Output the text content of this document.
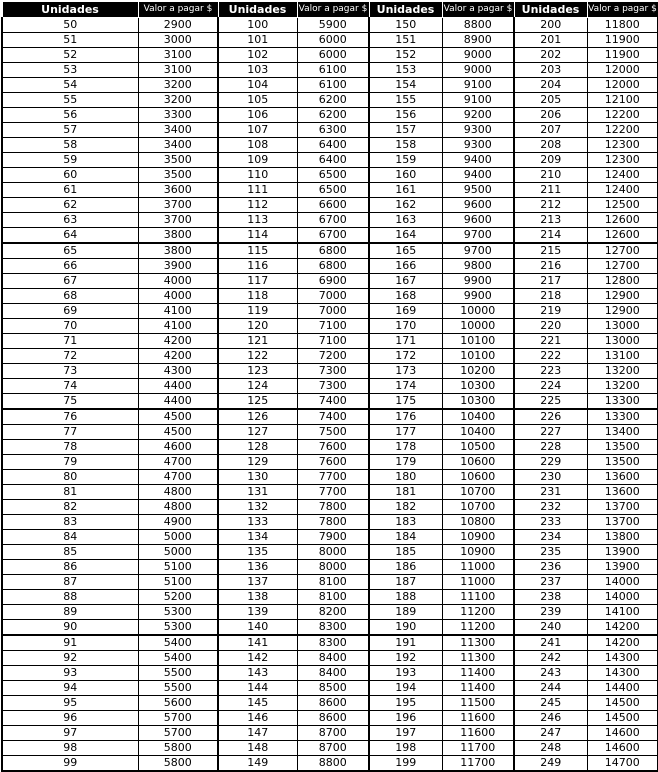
Unidades	Valor a pagar $	Unidades	Valor a pagar $	Unidades	Valor a pagar $	Unidades	Valor a pagar $
50	2900	100	5900	150	8800	200	11800
51	3000	101	6000	151	8900	201	11900
52	3100	102	6000	152	9000	202	11900
53	3100	103	6100	153	9000	203	12000
54	3200	104	6100	154	9100	204	12000
55	3200	105	6200	155	9100	205	12100
56	3300	106	6200	156	9200	206	12200
57	3400	107	6300	157	9300	207	12200
58	3400	108	6400	158	9300	208	12300
59	3500	109	6400	159	9400	209	12300
60	3500	110	6500	160	9400	210	12400
61	3600	111	6500	161	9500	211	12400
62	3700	112	6600	162	9600	212	12500
63	3700	113	6700	163	9600	213	12600
64	3800	114	6700	164	9700	214	12600
65	3800	115	6800	165	9700	215	12700
66	3900	116	6800	166	9800	216	12700
67	4000	117	6900	167	9900	217	12800
68	4000	118	7000	168	9900	218	12900
69	4100	119	7000	169	10000	219	12900
70	4100	120	7100	170	10000	220	13000
71	4200	121	7100	171	10100	221	13000
72	4200	122	7200	172	10100	222	13100
73	4300	123	7300	173	10200	223	13200
74	4400	124	7300	174	10300	224	13200
75	4400	125	7400	175	10300	225	13300
76	4500	126	7400	176	10400	226	13300
77	4500	127	7500	177	10400	227	13400
78	4600	128	7600	178	10500	228	13500
79	4700	129	7600	179	10600	229	13500
80	4700	130	7700	180	10600	230	13600
81	4800	131	7700	181	10700	231	13600
82	4800	132	7800	182	10700	232	13700
83	4900	133	7800	183	10800	233	13700
84	5000	134	7900	184	10900	234	13800
85	5000	135	8000	185	10900	235	13900
86	5100	136	8000	186	11000	236	13900
87	5100	137	8100	187	11000	237	14000
88	5200	138	8100	188	11100	238	14000
89	5300	139	8200	189	11200	239	14100
90	5300	140	8300	190	11200	240	14200
91	5400	141	8300	191	11300	241	14200
92	5400	142	8400	192	11300	242	14300
93	5500	143	8400	193	11400	243	14300
94	5500	144	8500	194	11400	244	14400
95	5600	145	8600	195	11500	245	14500
96	5700	146	8600	196	11600	246	14500
97	5700	147	8700	197	11600	247	14600
98	5800	148	8700	198	11700	248	14600
99	5800	149	8800	199	11700	249	14700
